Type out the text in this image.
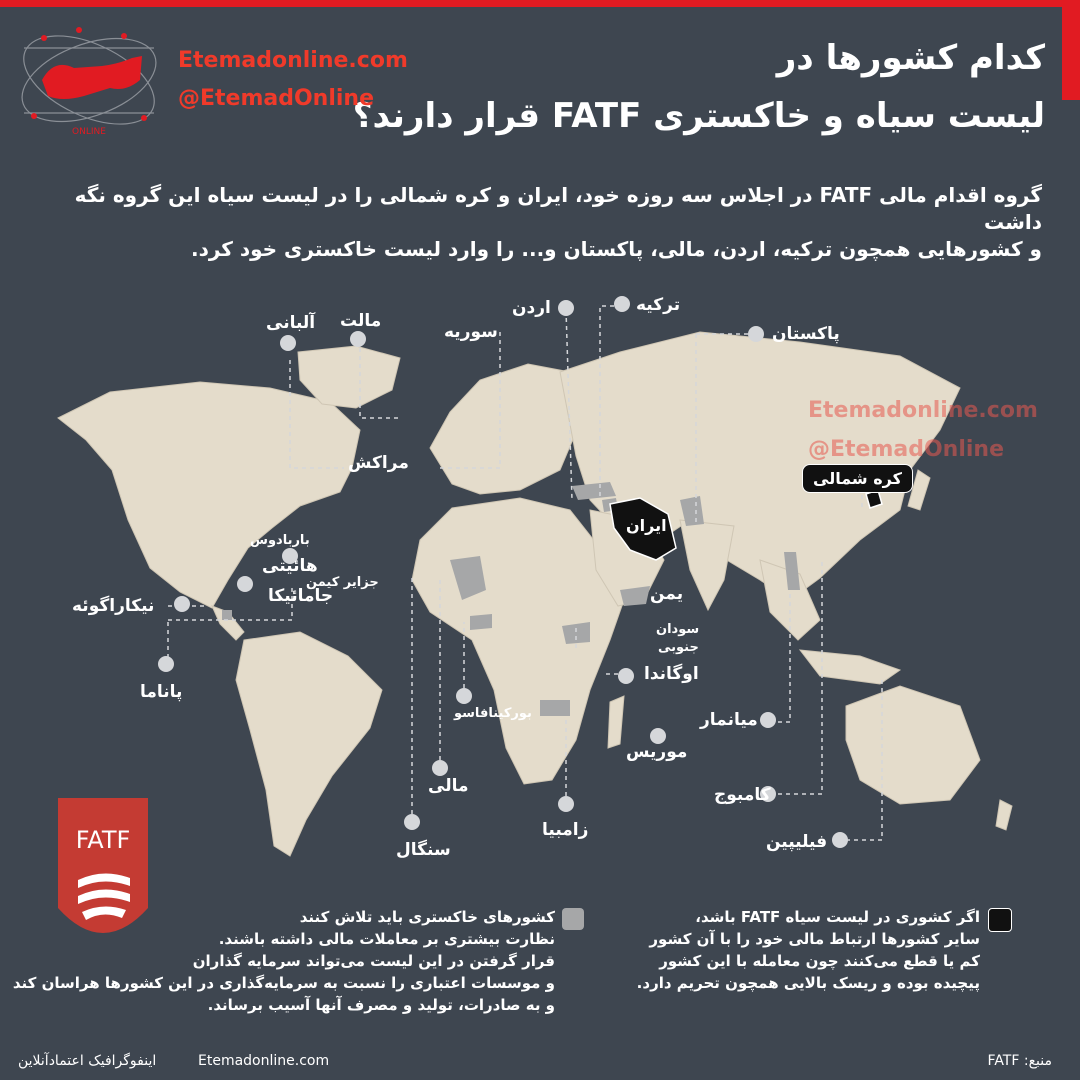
کدام کشورها در
لیست سیاه و خاکستری FATF قرار دارند؟
ONLINE
Etemadonline.com
@EtemadOnline

گروه اقدام مالی FATF در اجلاس سه روزه خود، ایران و کره شمالی را در لیست سیاه این گروه نگه داشت

و کشورهایی همچون ترکیه، اردن، مالی، پاکستان و... را وارد لیست خاکستری خود کرد.

Etemadonline.com
@EtemadOnline
آلبانی مالت
سوریه
اردن	ترکیه
پاکستان
مراکش
کره شمالی
ایران
باربادوس
هائیتی
جزایر کیمن
جامائیکا
نیکاراگوئه
پاناما
یمن
سودان
جنوبی
اوگاندا
بورکینافاسو	میانمار
موریس
مالی	کامبوج
زامبیا
سنگال	فیلیپین
FATF
کشورهای خاکستری باید تلاش کنند
نظارت بیشتری بر معاملات مالی داشته باشند.
قرار گرفتن در این لیست می‌تواند سرمایه گذاران
و موسسات اعتباری را نسبت به سرمایه‌گذاری در این کشورها هراسان کند
و به صادرات، تولید و مصرف آنها آسیب برساند.
اگر کشوری در لیست سیاه FATF باشد،
سایر کشورها ارتباط مالی خود را با آن کشور
کم یا قطع می‌کنند چون معامله با این کشور
پیچیده بوده و ریسک بالایی همچون تحریم دارد.
منبع: FATF
Etemadonline.com
اینفوگرافیک اعتمادآنلاین
